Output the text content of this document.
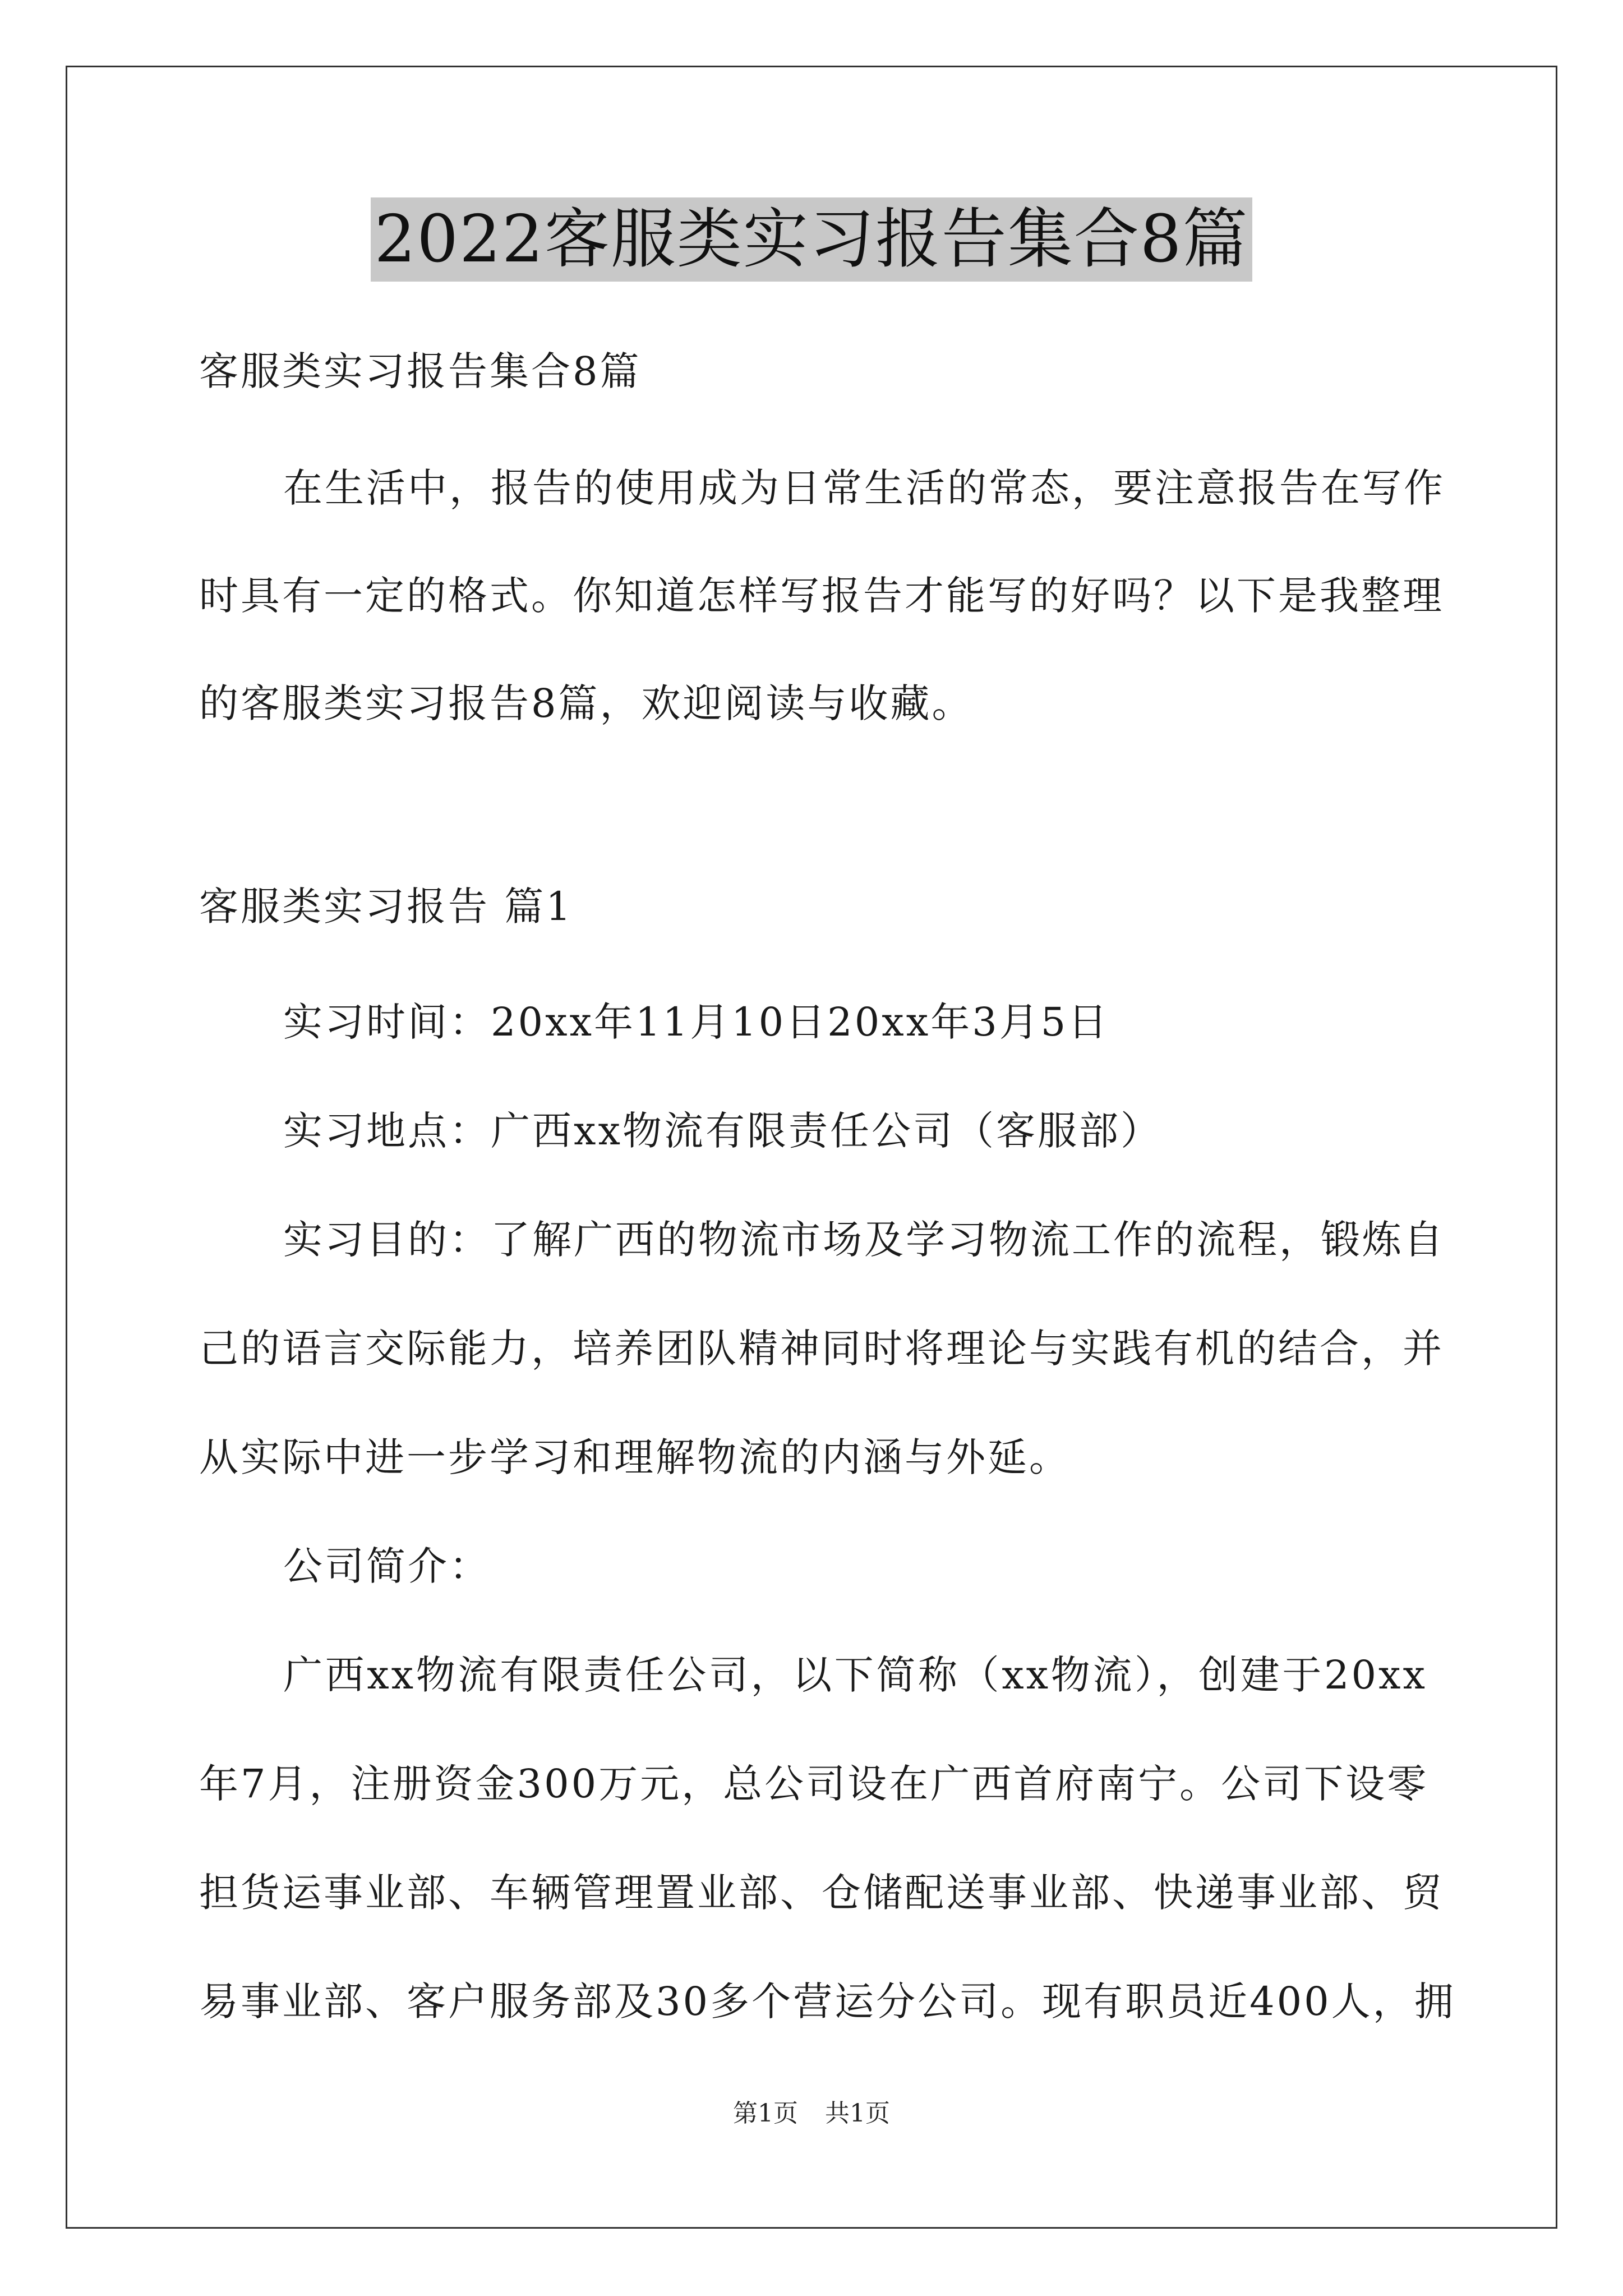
2022客服类实习报告集合8篇
客服类实习报告集合8篇
在生活中，报告的使用成为日常生活的常态，要注意报告在写作
时具有一定的格式。你知道怎样写报告才能写的好吗？以下是我整理
的客服类实习报告8篇，欢迎阅读与收藏。
客服类实习报告 篇1
实习时间：20xx年11月10日20xx年3月5日
实习地点：广西xx物流有限责任公司（客服部）
实习目的：了解广西的物流市场及学习物流工作的流程，锻炼自
己的语言交际能力，培养团队精神同时将理论与实践有机的结合，并
从实际中进一步学习和理解物流的内涵与外延。
公司简介：
广西xx物流有限责任公司，以下简称（xx物流），创建于20xx
年7月，注册资金300万元，总公司设在广西首府南宁。公司下设零
担货运事业部、车辆管理置业部、仓储配送事业部、快递事业部、贸
易事业部、客户服务部及30多个营运分公司。现有职员近400人，拥
第1页 共1页
